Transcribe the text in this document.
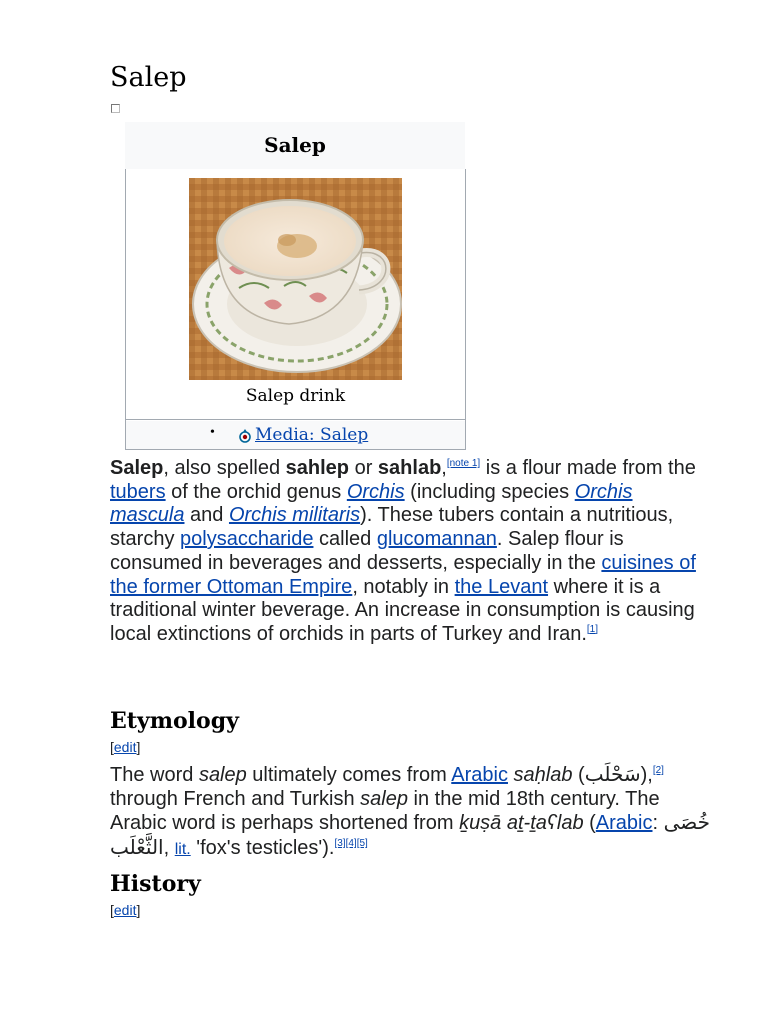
Salep
Salep
Salep drink
• Media: Salep

Salep, also spelled sahlep or sahlab,[note 1] is a flour made from the tubers of the orchid genus Orchis (including species Orchis mascula and Orchis militaris). These tubers contain a nutritious, starchy polysaccharide called glucomannan. Salep flour is consumed in beverages and desserts, especially in the cuisines of the former Ottoman Empire, notably in the Levant where it is a traditional winter beverage. An increase in consumption is causing local extinctions of orchids in parts of Turkey and Iran.[1]

Etymology
[edit]

The word salep ultimately comes from Arabic saḥlab (سَحْلَب),[2] through French and Turkish salep in the mid 18th century. The Arabic word is perhaps shortened from ḵuṣā aṯ-ṯaʕlab (Arabic: خُصَى الثَّعْلَب, lit. 'fox's testicles').[3][4][5]

History
[edit]
